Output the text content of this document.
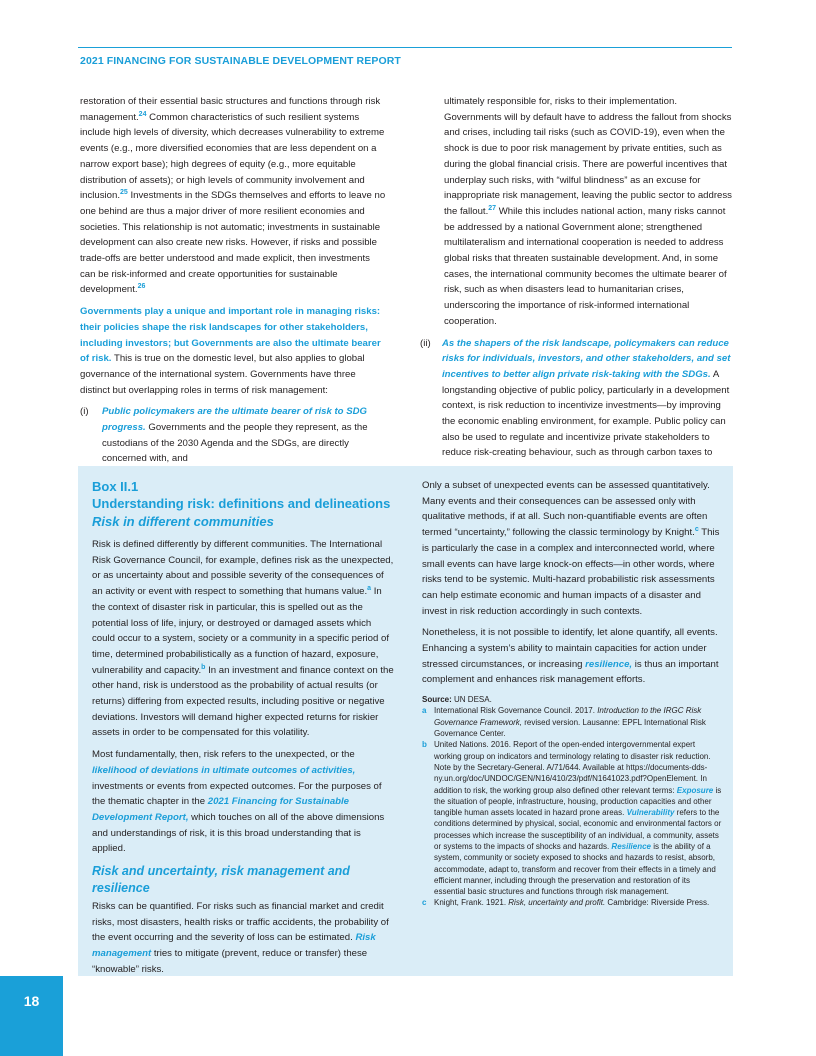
2021 FINANCING FOR SUSTAINABLE DEVELOPMENT REPORT

restoration of their essential basic structures and functions through risk management.$^{24}$ Common characteristics of such resilient systems include high levels of diversity, which decreases vulnerability to extreme events (e.g., more diversified economies that are less dependent on a narrow export base); high degrees of equity (e.g., more equitable distribution of assets); or high levels of community involvement and inclusion.$^{25}$ Investments in the SDGs themselves and efforts to leave no one behind are thus a major driver of more resilient economies and societies. This relationship is not automatic; investments in sustainable development can also create new risks. However, if risks and possible trade-offs are better understood and made explicit, then investments can be risk-informed and create opportunities for sustainable development.$^{26}$

Governments play a unique and important role in managing risks: their policies shape the risk landscapes for other stakeholders, including investors; but Governments are also the ultimate bearer of risk. This is true on the domestic level, but also applies to global governance of the international system. Governments have three distinct but overlapping roles in terms of risk management:

(i)	Public policymakers are the ultimate bearer of risk to SDG progress. Governments and the people they represent, as the custodians of the 2030 Agenda and the SDGs, are directly concerned with, and
ultimately responsible for, risks to their implementation. Governments will by default have to address the fallout from shocks and crises, including tail risks (such as COVID-19), even when the shock is due to poor risk management by private entities, such as during the global financial crisis. There are powerful incentives that underplay such risks, with “wilful blindness” as an excuse for inappropriate risk management, leaving the public sector to address the fallout.$^{27}$ While this includes national action, many risks cannot be addressed by a national Government alone; strengthened multilateralism and international cooperation is needed to address global risks that threaten sustainable development. And, in some cases, the international community becomes the ultimate bearer of risk, such as when disasters lead to humanitarian crises, underscoring the importance of risk-informed international cooperation.
(ii)	As the shapers of the risk landscape, policymakers can reduce risks for individuals, investors, and other stakeholders, and set incentives to better align private risk-taking with the SDGs. A longstanding objective of public policy, particularly in a development context, is risk reduction to incentivize investments—by improving the economic enabling environment, for example. Public policy can also be used to regulate and incentivize private stakeholders to reduce risk-creating behaviour, such as through carbon taxes to

Box II.1

Understanding risk: definitions and delineations

Risk in different communities

Risk is defined differently by different communities. The International Risk Governance Council, for example, defines risk as the unexpected, or as uncertainty about and possible severity of the consequences of an activity or event with respect to something that humans value.$^a$ In the context of disaster risk in particular, this is spelled out as the potential loss of life, injury, or destroyed or damaged assets which could occur to a system, society or a community in a specific period of time, determined probabilistically as a function of hazard, exposure, vulnerability and capacity.$^b$ In an investment and finance context on the other hand, risk is understood as the probability of actual results (or returns) differing from expected results, including positive or negative deviations. Investors will demand higher expected returns for riskier assets in order to be compensated for this volatility.

Most fundamentally, then, risk refers to the unexpected, or the likelihood of deviations in ultimate outcomes of activities, investments or events from expected outcomes. For the purposes of the thematic chapter in the 2021 Financing for Sustainable Development Report, which touches on all of the above dimensions and understandings of risk, it is this broad understanding that is applied.

Risk and uncertainty, risk management and resilience

Risks can be quantified. For risks such as financial market and credit risks, most disasters, health risks or traffic accidents, the probability of the event occurring and the severity of loss can be estimated. Risk management tries to mitigate (prevent, reduce or transfer) these “knowable” risks.

Only a subset of unexpected events can be assessed quantitatively. Many events and their consequences can be assessed only with qualitative methods, if at all. Such non-quantifiable events are often termed “uncertainty,” following the classic terminology by Knight.$^c$ This is particularly the case in a complex and interconnected world, where small events can have large knock-on effects—in other words, where risks tend to be systemic. Multi-hazard probabilistic risk assessments can help estimate economic and human impacts of a disaster and invest in risk reduction accordingly in such contexts.

Nonetheless, it is not possible to identify, let alone quantify, all events. Enhancing a system’s ability to maintain capacities for action under stressed circumstances, or increasing resilience, is thus an important complement and enhances risk management efforts.

Source: UN DESA.

a International Risk Governance Council. 2017. Introduction to the IRGC Risk Governance Framework, revised version. Lausanne: EPFL International Risk Governance Center.
b United Nations. 2016. Report of the open-ended intergovernmental expert working group on indicators and terminology relating to disaster risk reduction. Note by the Secretary-General. A/71/644. Available at https://documents-dds-ny.un.org/doc/UNDOC/GEN/N16/410/23/pdf/N1641023.pdf?OpenElement. In addition to risk, the working group also defined other relevant terms: Exposure is the situation of people, infrastructure, housing, production capacities and other tangible human assets located in hazard prone areas. Vulnerability refers to the conditions determined by physical, social, economic and environmental factors or processes which increase the susceptibility of an individual, a community, assets or systems to the impacts of shocks and hazards. Resilience is the ability of a system, community or society exposed to shocks and hazards to resist, absorb, accommodate, adapt to, transform and recover from their effects in a timely and efficient manner, including through the preservation and restoration of its essential basic structures and functions through risk management.
c Knight, Frank. 1921. Risk, uncertainty and profit. Cambridge: Riverside Press.
18
